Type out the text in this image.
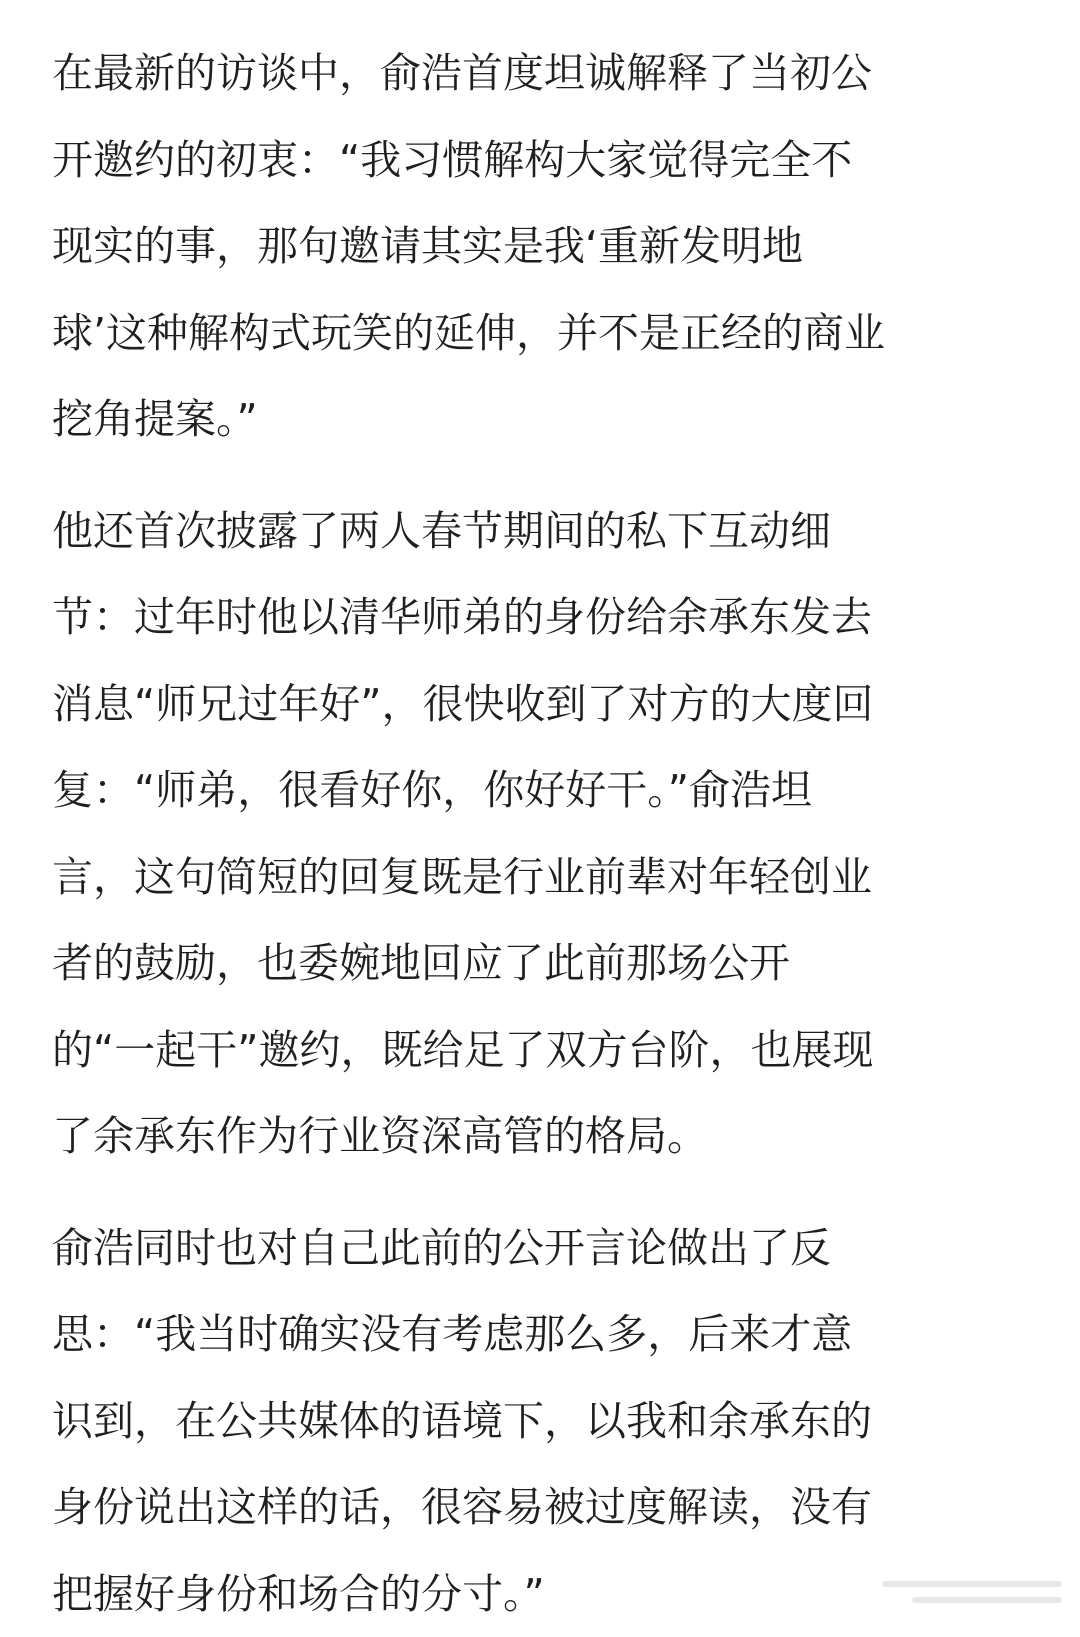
在最新的访谈中，俞浩首度坦诚解释了当初公
开邀约的初衷：“我习惯解构大家觉得完全不
现实的事，那句邀请其实是我‘重新发明地
球’这种解构式玩笑的延伸，并不是正经的商业
挖角提案。”
他还首次披露了两人春节期间的私下互动细
节：过年时他以清华师弟的身份给余承东发去
消息“师兄过年好”，很快收到了对方的大度回
复：“师弟，很看好你，你好好干。”俞浩坦
言，这句简短的回复既是行业前辈对年轻创业
者的鼓励，也委婉地回应了此前那场公开
的“一起干”邀约，既给足了双方台阶，也展现
了余承东作为行业资深高管的格局。
俞浩同时也对自己此前的公开言论做出了反
思：“我当时确实没有考虑那么多，后来才意
识到，在公共媒体的语境下，以我和余承东的
身份说出这样的话，很容易被过度解读，没有
把握好身份和场合的分寸。”
